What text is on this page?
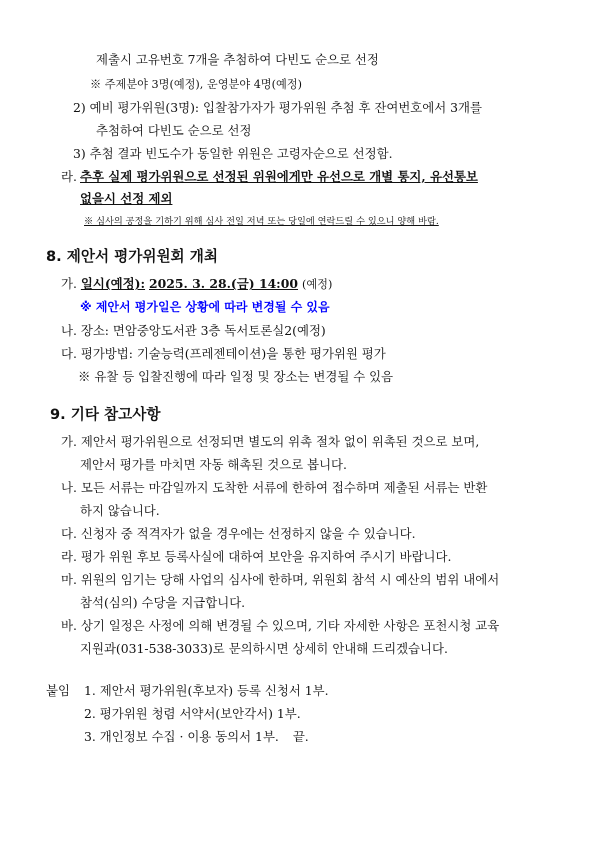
제출시 고유번호 7개을 추첨하여 다빈도 순으로 선정
※ 주제분야 3명(예정), 운영분야 4명(예정)
2) 예비 평가위원(3명): 입찰참가자가 평가위원 추첨 후 잔여번호에서 3개를
추첨하여 다빈도 순으로 선정
3) 추첨 결과 빈도수가 동일한 위원은 고령자순으로 선정함.
라. 추후 실제 평가위원으로 선정된 위원에게만 유선으로 개별 통지, 유선통보
없을시 선정 제외
※ 심사의 공정을 기하기 위해 심사 전일 저녁 또는 당일에 연락드릴 수 있으니 양해 바람.
8. 제안서 평가위원회 개최
가. 일시(예정): 2025. 3. 28.(금) 14:00 (예정)
※ 제안서 평가일은 상황에 따라 변경될 수 있음
나. 장소: 면암중앙도서관 3층 독서토론실2(예정)
다. 평가방법: 기술능력(프레젠테이션)을 통한 평가위원 평가
※ 유찰 등 입찰진행에 따라 일정 및 장소는 변경될 수 있음
9. 기타 참고사항
가. 제안서 평가위원으로 선정되면 별도의 위촉 절차 없이 위촉된 것으로 보며,
제안서 평가를 마치면 자동 해촉된 것으로 봅니다.
나. 모든 서류는 마감일까지 도착한 서류에 한하여 접수하며 제출된 서류는 반환
하지 않습니다.
다. 신청자 중 적격자가 없을 경우에는 선정하지 않을 수 있습니다.
라. 평가 위원 후보 등록사실에 대하여 보안을 유지하여 주시기 바랍니다.
마. 위원의 임기는 당해 사업의 심사에 한하며, 위원회 참석 시 예산의 범위 내에서
참석(심의) 수당을 지급합니다.
바. 상기 일정은 사정에 의해 변경될 수 있으며, 기타 자세한 사항은 포천시청 교육
지원과(031-538-3033)로 문의하시면 상세히 안내해 드리겠습니다.
붙임 1. 제안서 평가위원(후보자) 등록 신청서 1부.
2. 평가위원 청렴 서약서(보안각서) 1부.
3. 개인정보 수집 · 이용 동의서 1부. 끝.
